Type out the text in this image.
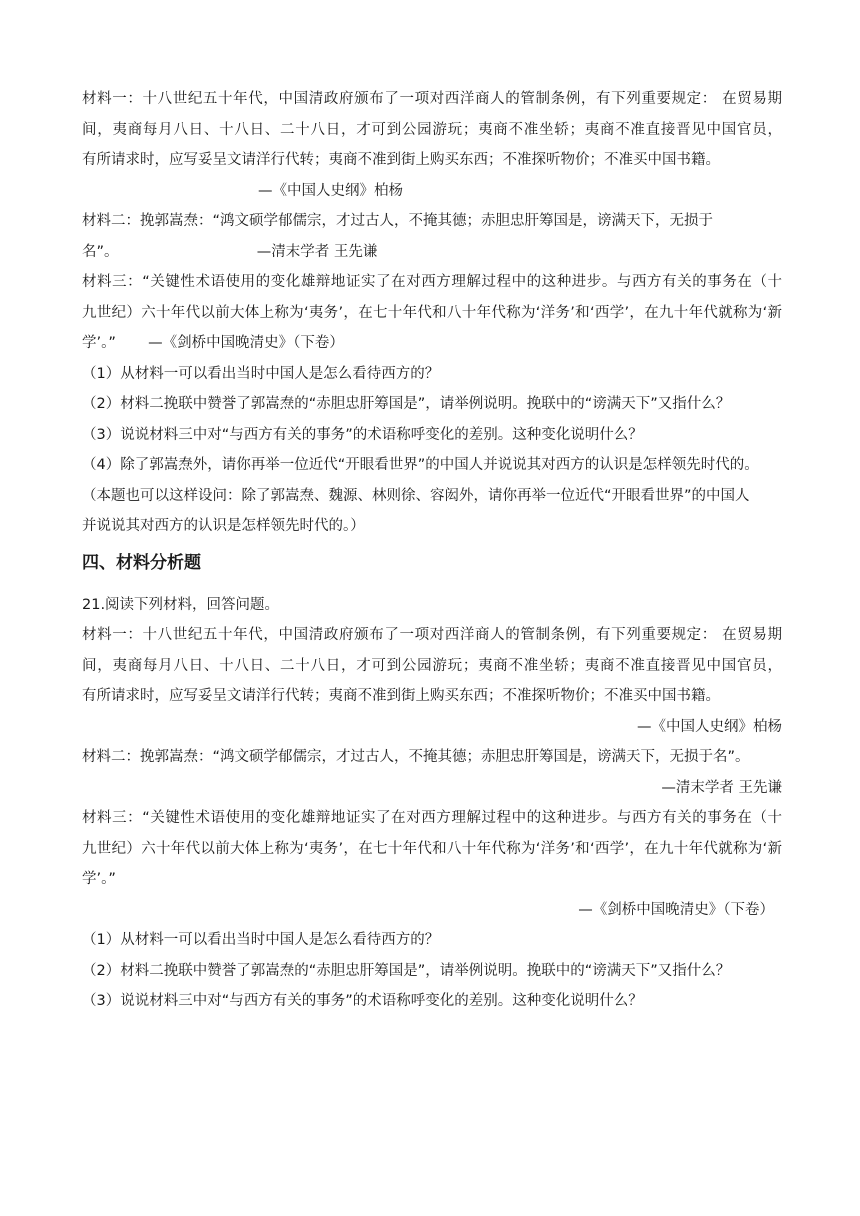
材料一：十八世纪五十年代，中国清政府颁布了一项对西洋商人的管制条例，有下列重要规定： 在贸易期

间，夷商每月八日、十八日、二十八日，才可到公园游玩；夷商不准坐轿；夷商不准直接晋见中国官员，

有所请求时，应写妥呈文请洋行代转；夷商不准到街上购买东西；不准探听物价；不准买中国书籍。

—《中国人史纲》柏杨

材料二：挽郭嵩焘：“鸿文硕学郁儒宗，才过古人，不掩其德；赤胆忠肝筹国是，谤满天下，无损于

名”。                              —清末学者 王先谦

材料三：“关键性术语使用的变化雄辩地证实了在对西方理解过程中的这种进步。与西方有关的事务在（十

九世纪）六十年代以前大体上称为‘夷务’，在七十年代和八十年代称为‘洋务’和‘西学’，在九十年代就称为‘新

学’。”       —《剑桥中国晚清史》（下卷）

（1）从材料一可以看出当时中国人是怎么看待西方的？

（2）材料二挽联中赞誉了郭嵩焘的“赤胆忠肝筹国是”，请举例说明。挽联中的“谤满天下”又指什么？

（3）说说材料三中对“与西方有关的事务”的术语称呼变化的差别。这种变化说明什么？

（4）除了郭嵩焘外，请你再举一位近代“开眼看世界”的中国人并说说其对西方的认识是怎样领先时代的。

（本题也可以这样设问：除了郭嵩焘、魏源、林则徐、容闳外，请你再举一位近代“开眼看世界”的中国人

并说说其对西方的认识是怎样领先时代的。）

四、材料分析题

21.阅读下列材料，回答问题。

材料一：十八世纪五十年代，中国清政府颁布了一项对西洋商人的管制条例，有下列重要规定： 在贸易期

间，夷商每月八日、十八日、二十八日，才可到公园游玩；夷商不准坐轿；夷商不准直接晋见中国官员，

有所请求时，应写妥呈文请洋行代转；夷商不准到街上购买东西；不准探听物价；不准买中国书籍。

—《中国人史纲》柏杨

材料二：挽郭嵩焘：“鸿文硕学郁儒宗，才过古人，不掩其德；赤胆忠肝筹国是，谤满天下，无损于名”。

—清末学者 王先谦

材料三：“关键性术语使用的变化雄辩地证实了在对西方理解过程中的这种进步。与西方有关的事务在（十

九世纪）六十年代以前大体上称为‘夷务’，在七十年代和八十年代称为‘洋务’和‘西学’，在九十年代就称为‘新

学’。”

—《剑桥中国晚清史》（下卷）

（1）从材料一可以看出当时中国人是怎么看待西方的？

（2）材料二挽联中赞誉了郭嵩焘的“赤胆忠肝筹国是”，请举例说明。挽联中的“谤满天下”又指什么？

（3）说说材料三中对“与西方有关的事务”的术语称呼变化的差别。这种变化说明什么？
